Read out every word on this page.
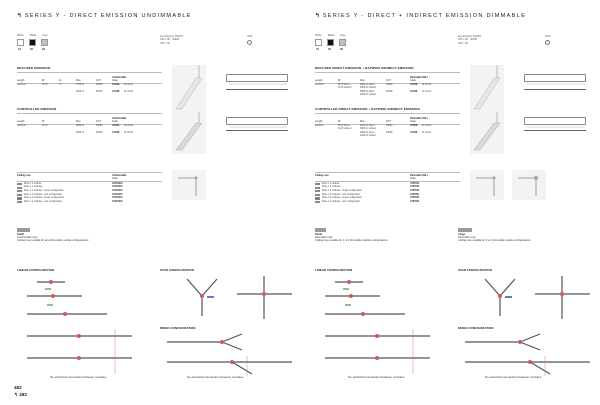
↰ SERIES Y - DIRECT EMISSION UNDIMMABLE
White Black Grey
01	06	08
Alu+Polymer 350/2H
CRI ≥ 90 · 3000K
CRI > 90
IP20
DIFFUSED EMISSION
Length	W	lm	Flux	CCT
Undimmable
Code
1125mm	32 W	70	2700 lm	3000K	AYOOL 21-04-01
3500 lm	4000K	AYOOL 21-04-01
CONTROLLED EMISSION
Length	W	Flux	CCT
Undimmable
Code
1125mm	36 W	2660 lm	3000K	AYOOL 21-04-01
2890 lm	4000K	AYOOL 21-04-01
Ceiling rose	Undimmable
Code
Rose x 1 module	AY001001
Rose x 2 modules	AY001001
Rose x 3 modules - linear configuration	AY001001
Rose x 3 modules - star configuration	AY001001
Rose x 4 modules - linear configuration	AY001001
Rose x 4 modules - star configuration	AY001001
Small
Undimmable rose
Ceiling rose suitable for all undimmable module configurations
LINEAR CONFIGURATION	STAR CONFIGURATION
MIXED CONFIGURATION
No electrical connection between modules	No electrical connection between modules
482
↰ 483
↰ SERIES Y - DIRECT + INDIRECT EMISSION DIMMABLE
White Black Grey
01	06	08
Alu+Polymer 350/2H
CRI ≥ 90 · 3000K
CRI > 90
IP20
DIFFUSED DIRECT EMISSION + BATWING INDIRECT EMISSION
Length	W	Flux	CCT
Dimmable DALI
Code
1125mm	36 W direct	2880 lm direct	3000K	AYOOL 21-04-01
32 W indirect	3960 lm indirect
3880 lm direct	4000K	AYOOL 21-04-01
4460 lm indirect
CONTROLLED DIRECT EMISSION + BATWING INDIRECT EMISSION
Length	W	Flux	CCT
Dimmable DALI
Code
1125mm	36 W direct	2660 lm direct	3000K	AYOOL 21-04-01
32 W indirect	3960 lm indirect
2890 lm direct	4000K	AYOOL 21-04-01
4460 lm indirect
Ceiling rose	Dimmable DALI
Code
Rose x 1 module	AY87001
Rose x 2 modules	AY87001
Rose x 3 modules - linear configuration	AY87001
Rose x 3 modules - star configuration	AY87001
Rose x 4 modules - linear configuration	AY87001
Rose x 4 modules - star configuration	AY87001
Small
Dimmable rose
Ceiling rose suitable for 1 or 2 dimmable module configurations
Large
Dimmable rose
Ceiling rose suitable for 3 or 4 dimmable module configurations
LINEAR CONFIGURATION	STAR CONFIGURATION
MIXED CONFIGURATION
No electrical connection between modules	No electrical connection between modules
